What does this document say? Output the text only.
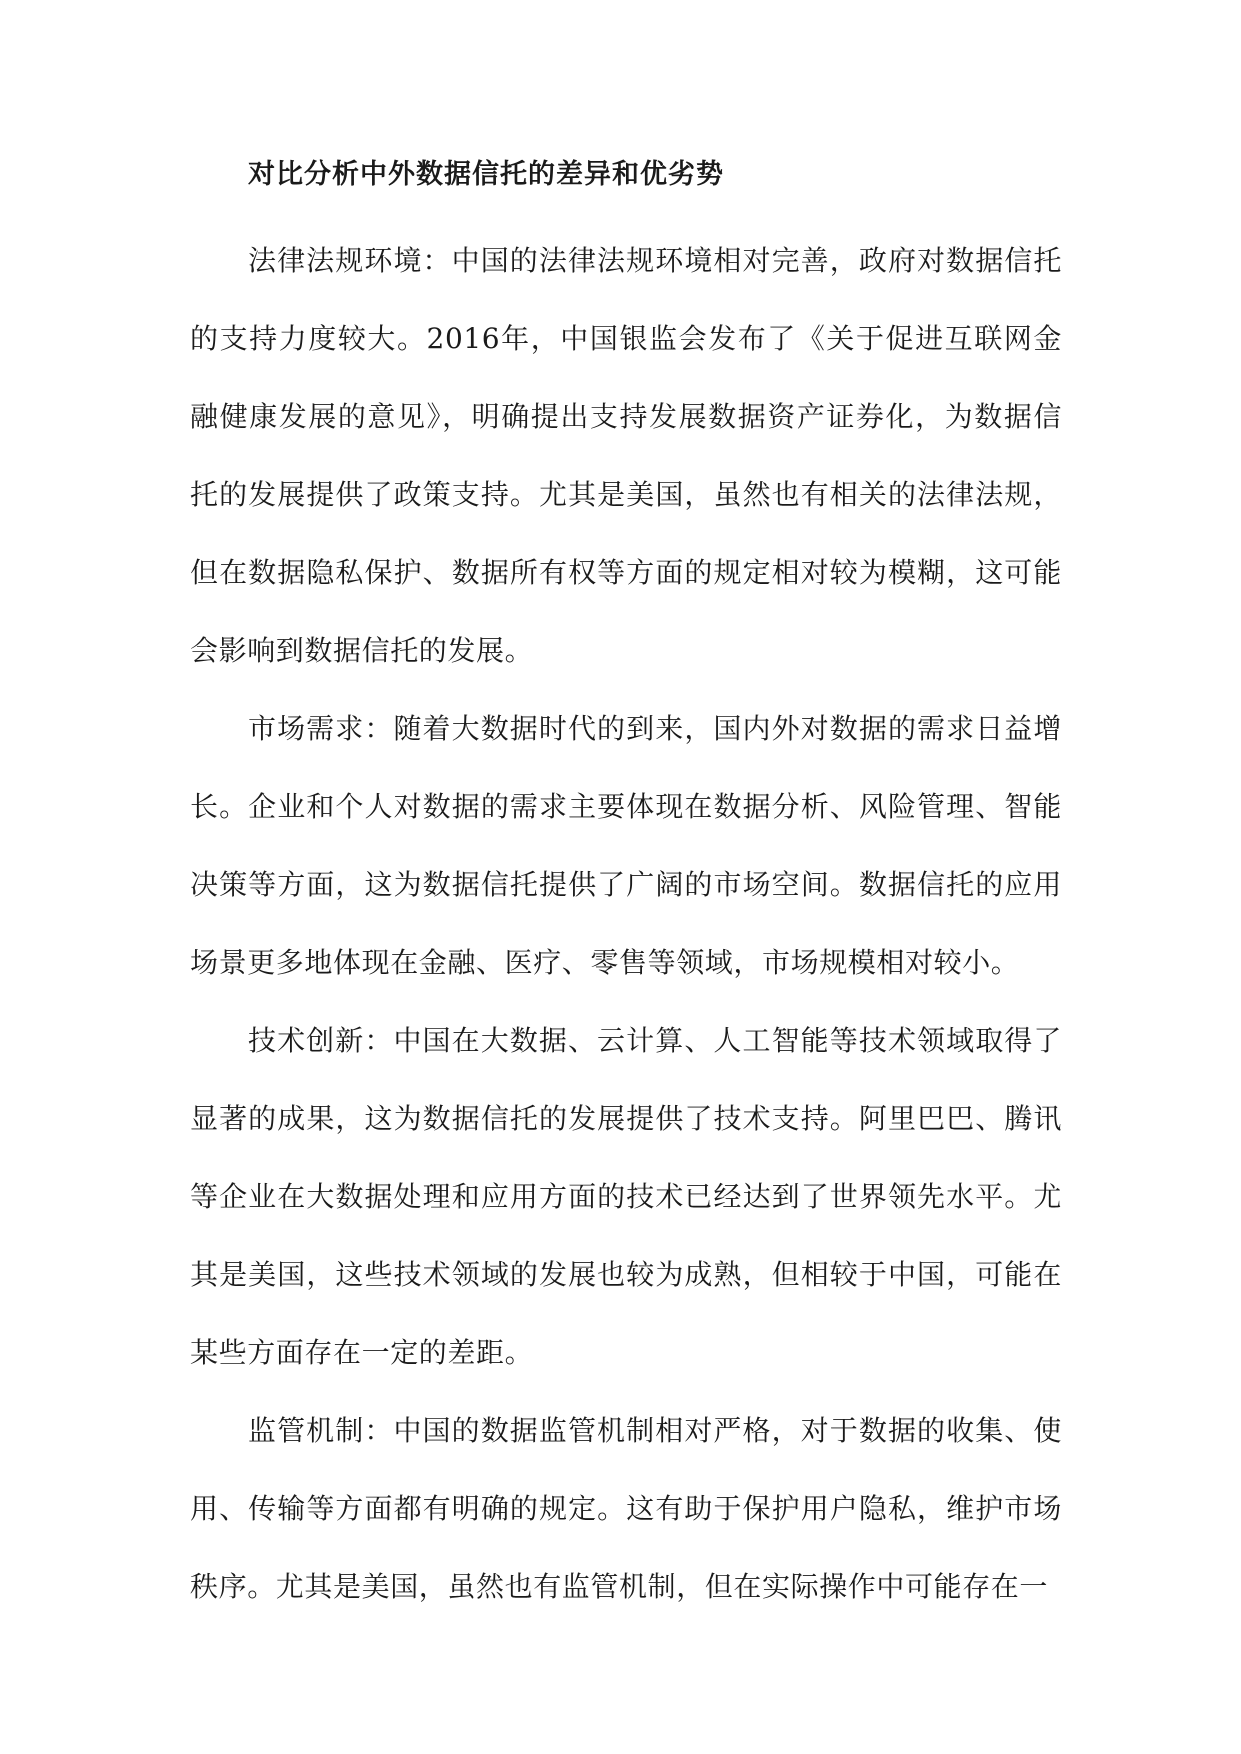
对比分析中外数据信托的差异和优劣势

法律法规环境：中国的法律法规环境相对完善，政府对数据信托的支持力度较大。2016年，中国银监会发布了《关于促进互联网金融健康发展的意见》，明确提出支持发展数据资产证券化，为数据信托的发展提供了政策支持。尤其是美国，虽然也有相关的法律法规，但在数据隐私保护、数据所有权等方面的规定相对较为模糊，这可能会影响到数据信托的发展。

市场需求：随着大数据时代的到来，国内外对数据的需求日益增长。企业和个人对数据的需求主要体现在数据分析、风险管理、智能决策等方面，这为数据信托提供了广阔的市场空间。数据信托的应用场景更多地体现在金融、医疗、零售等领域，市场规模相对较小。

技术创新：中国在大数据、云计算、人工智能等技术领域取得了显著的成果，这为数据信托的发展提供了技术支持。阿里巴巴、腾讯等企业在大数据处理和应用方面的技术已经达到了世界领先水平。尤其是美国，这些技术领域的发展也较为成熟，但相较于中国，可能在某些方面存在一定的差距。

监管机制：中国的数据监管机制相对严格，对于数据的收集、使用、传输等方面都有明确的规定。这有助于保护用户隐私，维护市场秩序。尤其是美国，虽然也有监管机制，但在实际操作中可能存在一
